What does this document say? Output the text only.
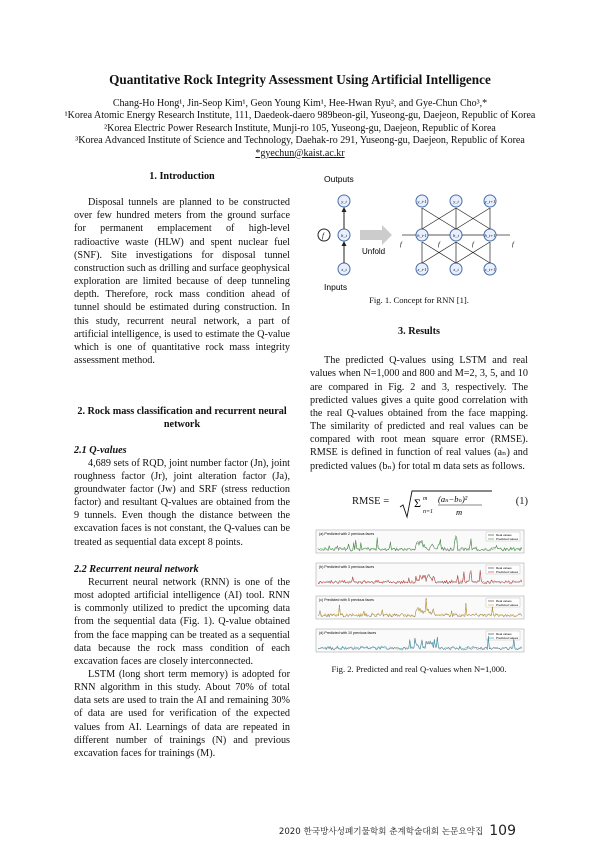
Quantitative Rock Integrity Assessment Using Artificial Intelligence
Chang-Ho Hong¹, Jin-Seop Kim¹, Geon Young Kim¹, Hee-Hwan Ryu², and Gye-Chun Cho³,*
¹Korea Atomic Energy Research Institute, 111, Daedeok-daero 989beon-gil, Yuseong-gu, Daejeon, Republic of Korea
²Korea Electric Power Research Institute, Munji-ro 105, Yuseong-gu, Daejeon, Republic of Korea
³Korea Advanced Institute of Science and Technology, Daehak-ro 291, Yuseong-gu, Daejeon, Republic of Korea
*gyechun@kaist.ac.kr
1. Introduction

Disposal tunnels are planned to be constructed over few hundred meters from the ground surface for permanent emplacement of high-level radioactive waste (HLW) and spent nuclear fuel (SNF). Site investigations for disposal tunnel construction such as drilling and surface geophysical exploration are limited because of deep tunneling depth. Therefore, rock mass condition ahead of tunnel should be estimated during construction. In this study, recurrent neural network, a part of artificial intelligence, is used to estimate the Q-value which is one of quantitative rock mass integrity assessment method.

2. Rock mass classification and recurrent neural network
2.1 Q-values

4,689 sets of RQD, joint number factor (Jn), joint roughness factor (Jr), joint alteration factor (Ja), groundwater factor (Jw) and SRF (stress reduction factor) and resultant Q-values are obtained from the 9 tunnels. Even though the distance between the excavation faces is not constant, the Q-values can be treated as sequential data except 8 points.

2.2 Recurrent neural network

Recurrent neural network (RNN) is one of the most adopted artificial intelligence (AI) tool. RNN is commonly utilized to predict the upcoming data from the sequential data (Fig. 1). Q-value obtained from the face mapping can be treated as a sequential data because the rock mass condition of each excavation faces are closely interconnected.

LSTM (long short term memory) is adopted for RNN algorithm in this study. About 70% of total data sets are used to train the AI and remaining 30% of data are used for verification of the expected values from AI. Learnings of data are repeated in different number of trainings (N) and previous excavation faces for trainings (M).

Outputs
Inputs
f
Unfold
f	f	f	f
y_t
h_t
x_t
y_t-1	y_t	y_t+1
h_t-1	h_t	h_t+1
x_t-1	x_t	x_t+1
Fig. 1. Concept for RNN [1].
3. Results

The predicted Q-values using LSTM and real values when N=1,000 and 800 and M=2, 3, 5, and 10 are compared in Fig. 2 and 3, respectively. The predicted values gives a quite good correlation with the real Q-values obtained from the face mapping. The similarity of predicted and real values can be compared with root mean square error (RMSE). RMSE is defined in function of real values (aₙ) and predicted values (bₙ) for total m data sets as follows.

RMSE = Σ m
n=1
(aₙ−bₙ)²
m
(1)
(a) Predicted with 2 previous faces	Real values
Predicted values
(b) Predicted with 3 previous faces	Real values
Predicted values
(c) Predicted with 5 previous faces	Real values
Predicted values
(d) Predicted with 10 previous faces	Real values
Predicted values
Fig. 2. Predicted and real Q-values when N=1,000.
2020 한국방사성폐기물학회 춘계학술대회 논문요약집 109
